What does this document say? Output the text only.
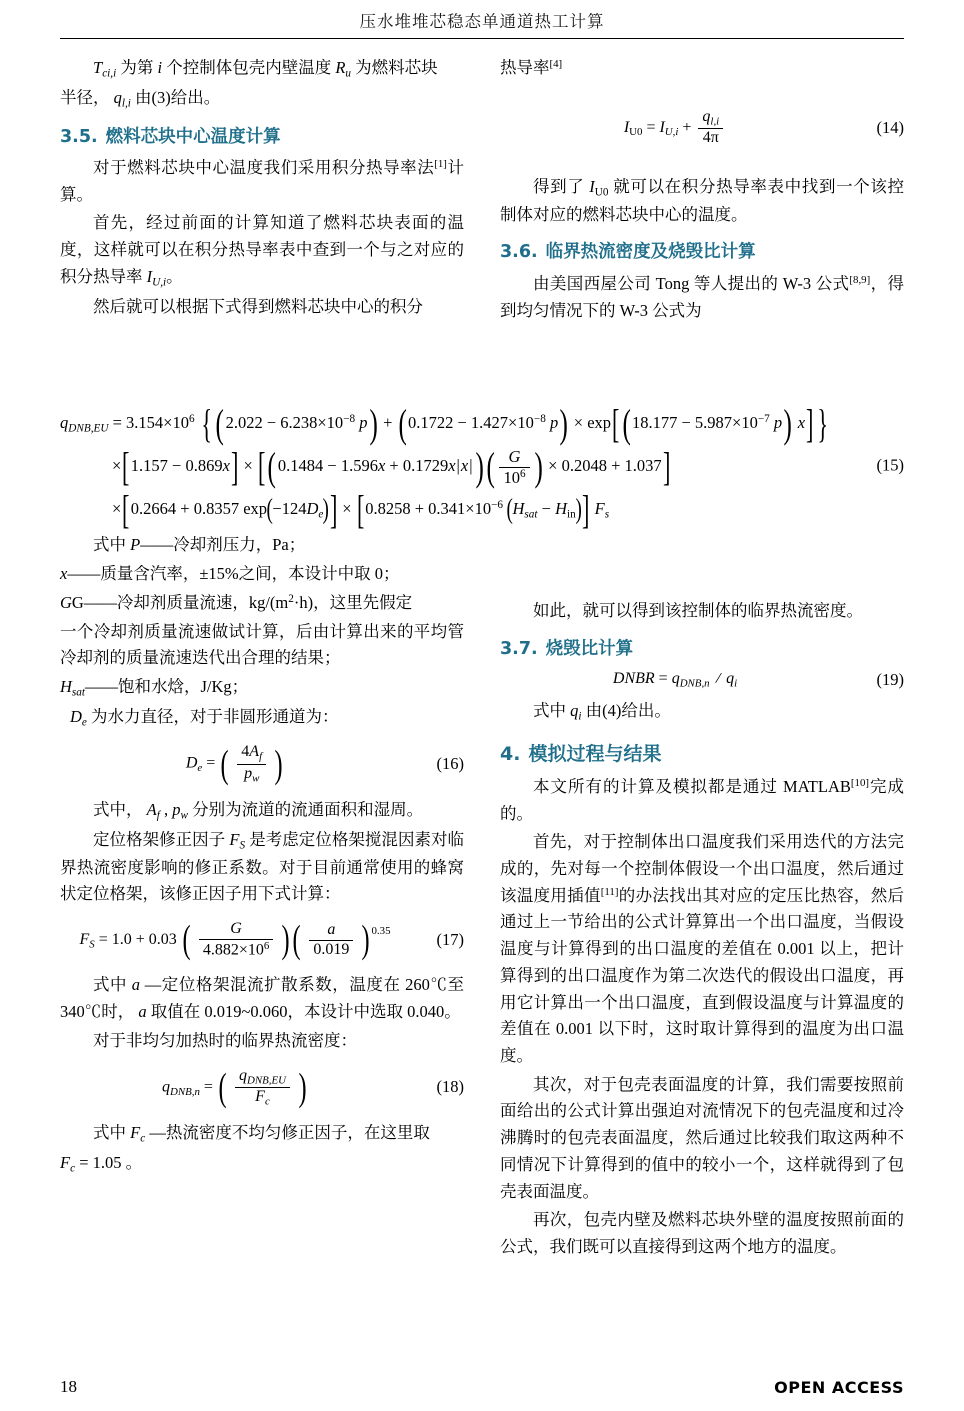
压水堆堆芯稳态单通道热工计算

$T_{ci,i}$ 为第 i 个控制体包壳内壁温度 $R_u$ 为燃料芯块

半径， $q_{l,i}$ 由(3)给出。

3.5. 燃料芯块中心温度计算

对于燃料芯块中心温度我们采用积分热导率法[1]计算。

首先，经过前面的计算知道了燃料芯块表面的温度，这样就可以在积分热导率表中查到一个与之对应的积分热导率 $I_{U,i}$。

然后就可以根据下式得到燃料芯块中心的积分

式中 P——冷却剂压力，Pa；

x——质量含汽率，±15%之间，本设计中取 0；

GG——冷却剂质量流速，$kg/(m^2\cdot h)$，这里先假定

一个冷却剂质量流速做试计算，后由计算出来的平均管冷却剂的质量流速迭代出合理的结果；

$H_{sat}——$饱和水焓，J/Kg；

$D_e$ 为水力直径，对于非圆形通道为：

$D_e$ = ( $\frac{4A_f}{p_w}$ )	(16)

式中， $A_f$ , $p_w$ 分别为流道的流通面积和湿周。

定位格架修正因子 $F_S$ 是考虑定位格架搅混因素对临界热流密度影响的修正系数。对于目前通常使用的蜂窝状定位格架，该修正因子用下式计算：

$F_S = 1.0 + 0.03$ ( $\frac{G}{4.882\times 10^6}$ )( $\frac{a}{0.019} )^{0.35}$	(17)

式中 a —定位格架混流扩散系数，温度在 260℃至 340℃时， a 取值在 0.019~0.060，本设计中选取 0.040。

对于非均匀加热时的临界热流密度：

$q_{DNB,n}$ = ( $\frac{q_{DNB,EU}}{F_c}$ )	(18)

式中 $F_c$ —热流密度不均匀修正因子，在这里取

$F_c = 1.05$ 。

热导率[4]

$I_{U0} = I_{U,i} + \frac{q_{l,i}}{4\pi}$	(14)

得到了 $I_{U0}$ 就可以在积分热导率表中找到一个该控制体对应的燃料芯块中心的温度。

3.6. 临界热流密度及烧毁比计算

由美国西屋公司 Tong 等人提出的 W-3 公式[8,9]，得到均匀情况下的 W-3 公式为

如此，就可以得到该控制体的临界热流密度。

3.7. 烧毁比计算
DNBR = $q_{DNB,n} / q_i$	(19)

式中 $q_i$ 由(4)给出。

4. 模拟过程与结果

本文所有的计算及模拟都是通过 MATLAB[10]完成的。

首先，对于控制体出口温度我们采用迭代的方法完成的，先对每一个控制体假设一个出口温度，然后通过该温度用插值[11]的办法找出其对应的定压比热容，然后通过上一节给出的公式计算算出一个出口温度，当假设温度与计算得到的出口温度的差值在 0.001 以上，把计算得到的出口温度作为第二次迭代的假设出口温度，再用它计算出一个出口温度，直到假设温度与计算温度的差值在 0.001 以下时，这时取计算得到的温度为出口温度。

其次，对于包壳表面温度的计算，我们需要按照前面给出的公式计算出强迫对流情况下的包壳温度和过冷沸腾时的包壳表面温度，然后通过比较我们取这两种不同情况下计算得到的值中的较小一个，这样就得到了包壳表面温度。

再次，包壳内壁及燃料芯块外壁的温度按照前面的公式，我们既可以直接得到这两个地方的温度。

$q_{DNB,EU} = 3.154\times 10^6$ {($2.022 - 6.238\times 10^{-8}$ $p) + (0.1722 - 1.427\times 10^{-8}$ $p) \times \exp[(18.177 - 5.987\times 10^{-7}$ p) x]}
$\times[1.157 - 0.869x] \times [(0.1484 - 1.596x + 0.1729x|x|)( \frac{G}{10^6}$ ) × 0.2048 + 1.037]
×[0.2664 + 0.8357 $\exp(-124D_e)] \times [0.8258 + 0.341\times 10^{-6}$ $(H_{sat} - H_{in})$] $F_s$
(15)
18	OPEN ACCESS
